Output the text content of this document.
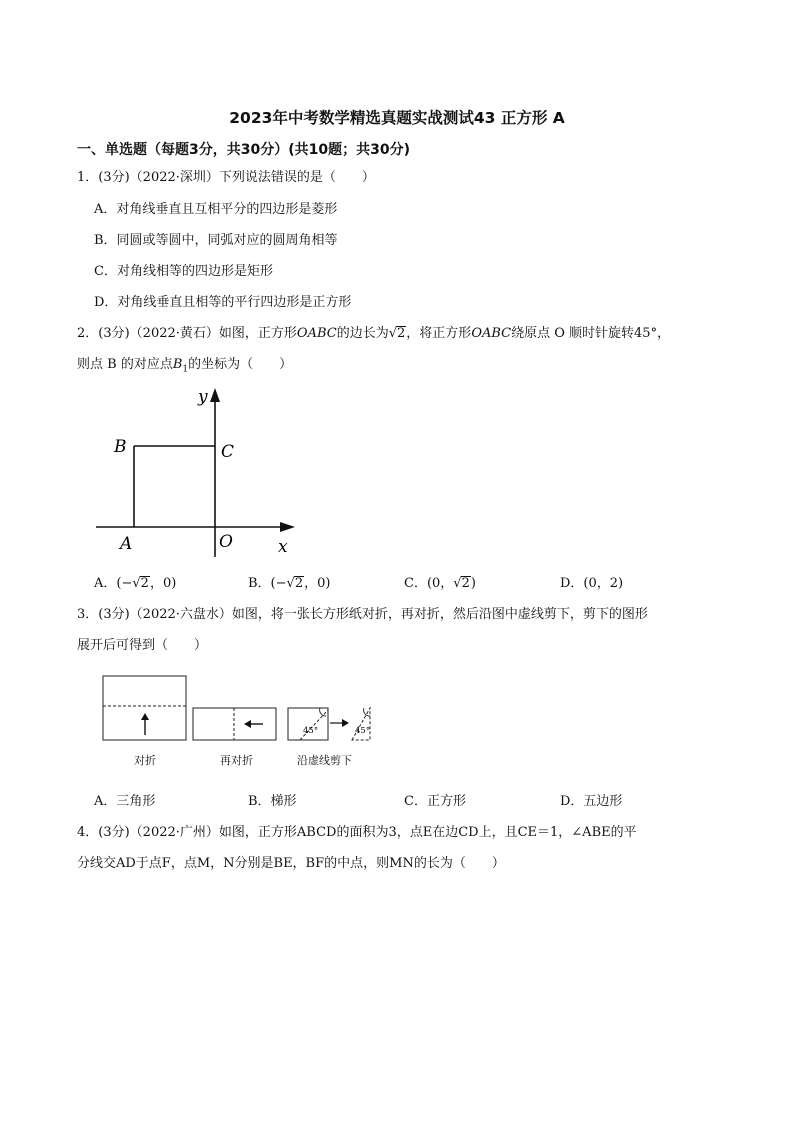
2023年中考数学精选真题实战测试43 正方形 A
一、单选题（每题3分，共30分）(共10题；共30分)
1．(3分)（2022·深圳）下列说法错误的是（　　）
A．对角线垂直且互相平分的四边形是菱形
B．同圆或等圆中，同弧对应的圆周角相等
C．对角线相等的四边形是矩形
D．对角线垂直且相等的平行四边形是正方形
2．(3分)（2022·黄石）如图，正方形OABC的边长为√2，将正方形OABC绕原点 O 顺时针旋转45°，
则点 B 的对应点$B_1$的坐标为（　　）
y
x
B	C
A	O
A．(−√2，0)	B．(−√2，0)	C．(0，√2)	D．(0，2)
3．(3分)（2022·六盘水）如图，将一张长方形纸对折，再对折，然后沿图中虚线剪下，剪下的图形
展开后可得到（　　）
45°	45°
对折	再对折	沿虚线剪下
A．三角形	B．梯形	C．正方形	D．五边形
4．(3分)（2022·广州）如图，正方形ABCD的面积为3，点E在边CD上，且CE＝1，∠ABE的平
分线交AD于点F，点M，N分别是BE，BF的中点，则MN的长为（　　）
